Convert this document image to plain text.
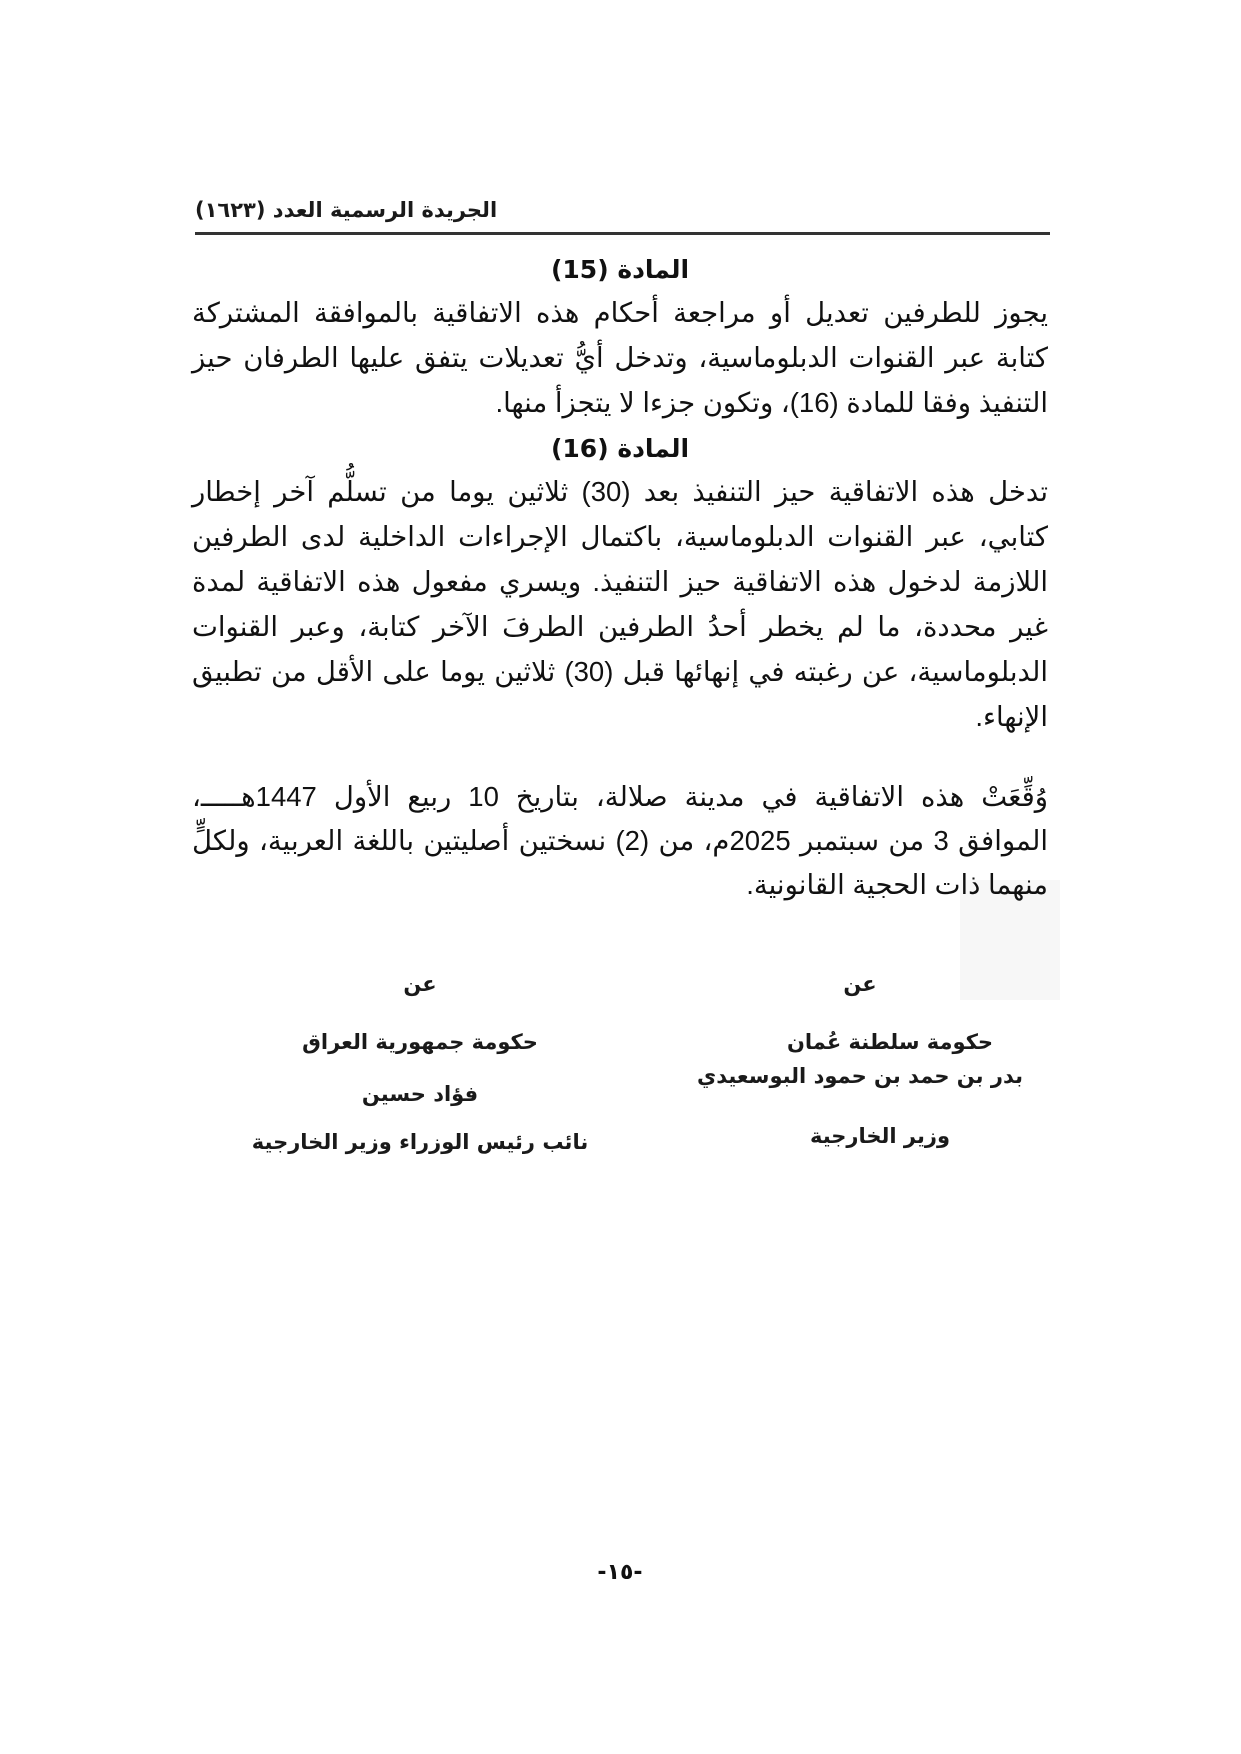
الجريدة الرسمية العدد (١٦٢٣)
المادة (15)

يجوز للطرفين تعديل أو مراجعة أحكام هذه الاتفاقية بالموافقة المشتركة كتابة عبر القنوات الدبلوماسية، وتدخل أيُّ تعديلات يتفق عليها الطرفان حيز التنفيذ وفقا للمادة (16)، وتكون جزءا لا يتجزأ منها.

المادة (16)

تدخل هذه الاتفاقية حيز التنفيذ بعد (30) ثلاثين يوما من تسلُّم آخر إخطار كتابي، عبر القنوات الدبلوماسية، باكتمال الإجراءات الداخلية لدى الطرفين اللازمة لدخول هذه الاتفاقية حيز التنفيذ. ويسري مفعول هذه الاتفاقية لمدة غير محددة، ما لم يخطر أحدُ الطرفين الطرفَ الآخر كتابة، وعبر القنوات الدبلوماسية، عن رغبته في إنهائها قبل (30) ثلاثين يوما على الأقل من تطبيق الإنهاء.

وُقِّعَتْ هذه الاتفاقية في مدينة صلالة، بتاريخ 10 ربيع الأول 1447هـــــ، الموافق 3 من سبتمبر 2025م، من (2) نسختين أصليتين باللغة العربية، ولكلٍّ منهما ذات الحجية القانونية.

عن
حكومة سلطنة عُمان
بدر بن حمد بن حمود البوسعيدي
وزير الخارجية
عن
حكومة جمهورية العراق
فؤاد حسين
نائب رئيس الوزراء وزير الخارجية
-١٥-
